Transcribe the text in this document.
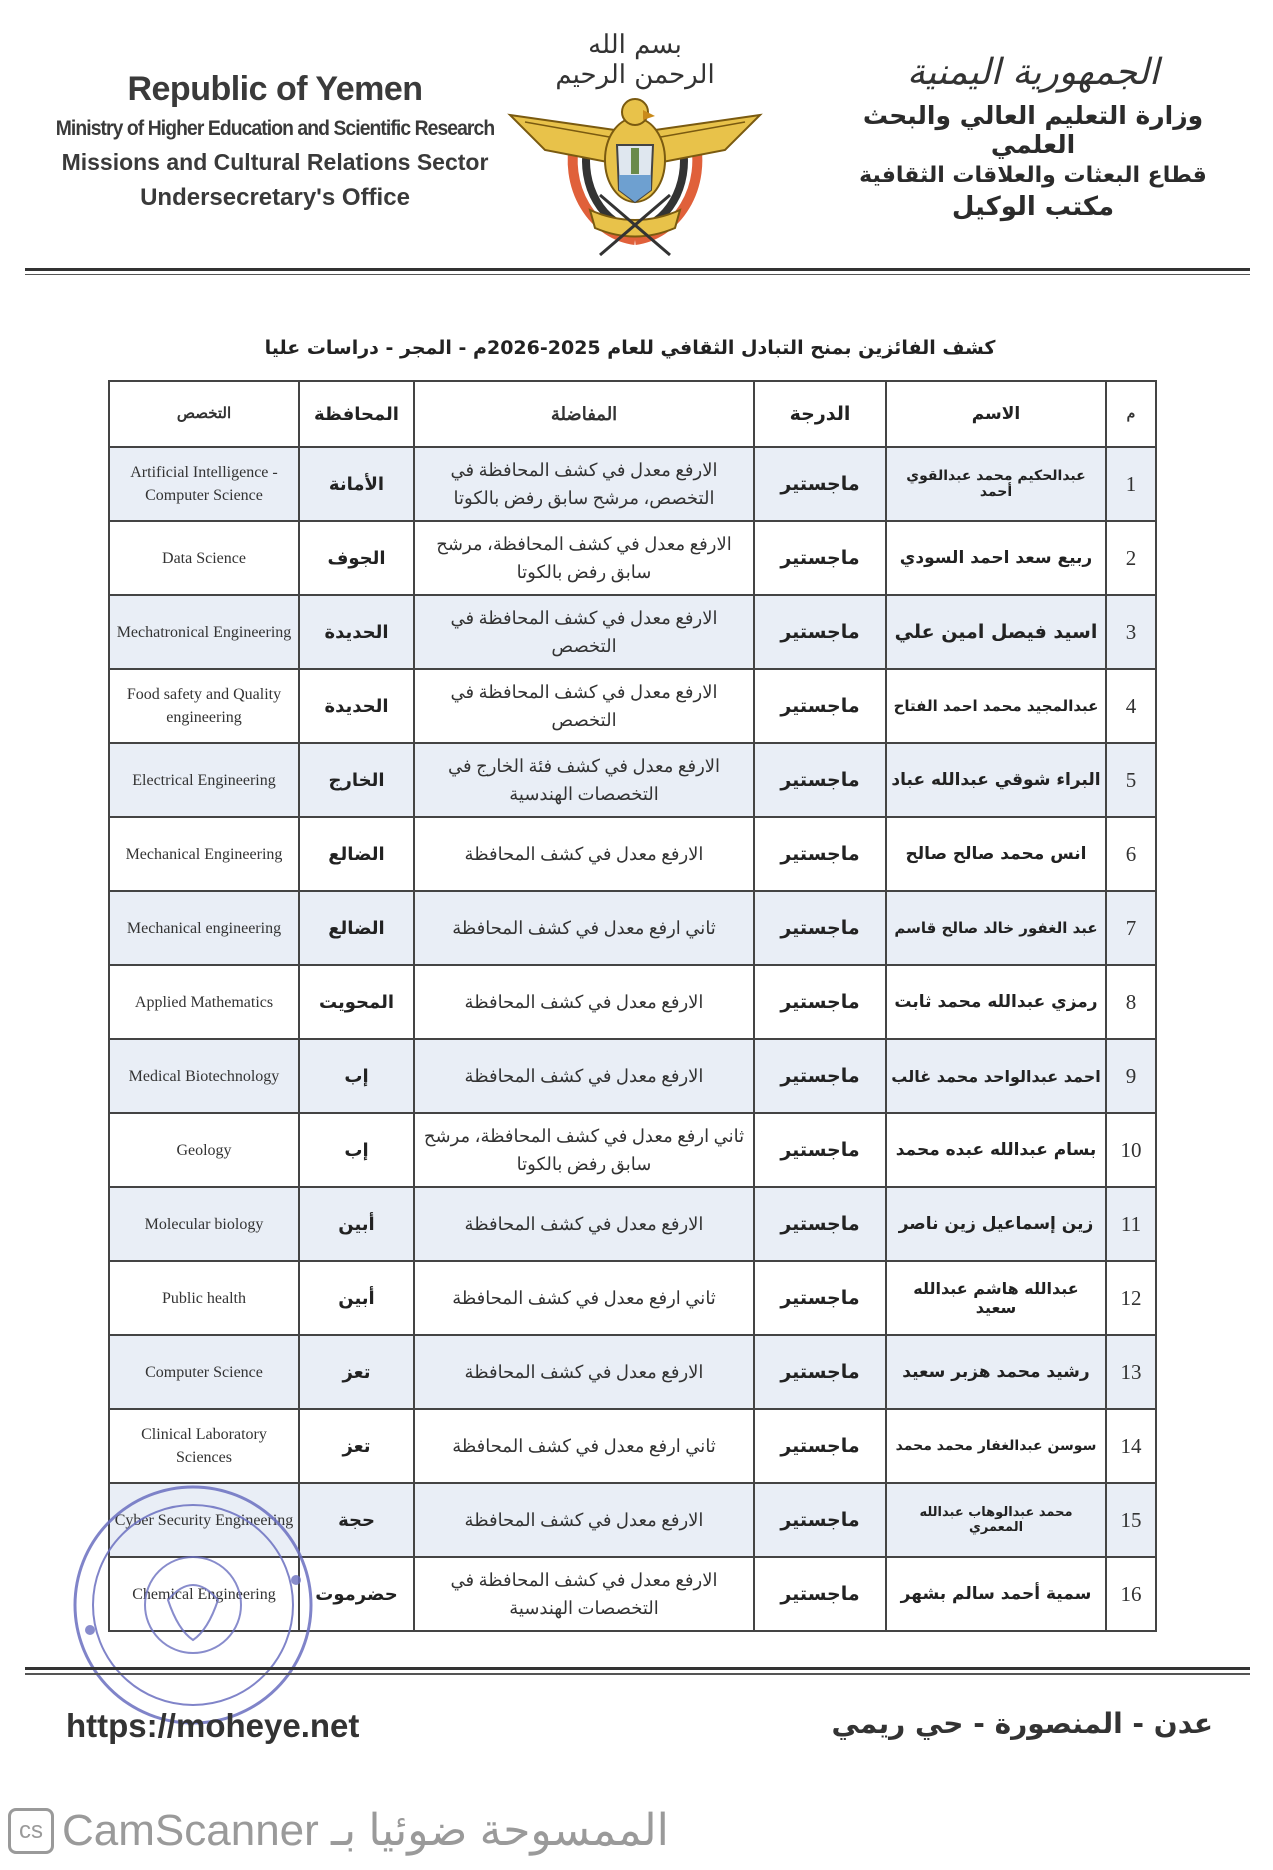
Republic of Yemen
Ministry of Higher Education and Scientific Research
Missions and Cultural Relations Sector
Undersecretary's Office
بسم الله الرحمن الرحيم	الجمهورية اليمنية
وزارة التعليم العالي والبحث العلمي
قطاع البعثات والعلاقات الثقافية
مكتب الوكيل
كشف الفائزين بمنح التبادل الثقافي للعام 2025-2026م - المجر - دراسات عليا
م	الاسم	الدرجة	المفاضلة	المحافظة	التخصص
1	عبدالحكيم محمد عبدالقوي أحمد	ماجستير	الارفع معدل في كشف المحافظة في التخصص، مرشح سابق رفض بالكوتا	الأمانة	Artificial Intelligence - Computer Science
2	ربيع سعد احمد السودي	ماجستير	الارفع معدل في كشف المحافظة، مرشح سابق رفض بالكوتا	الجوف	Data Science
3	اسيد فيصل امين علي	ماجستير	الارفع معدل في كشف المحافظة في التخصص	الحديدة	Mechatronical Engineering
4	عبدالمجيد محمد احمد الفتاح	ماجستير	الارفع معدل في كشف المحافظة في التخصص	الحديدة	Food safety and Quality engineering
5	البراء شوقي عبدالله عباد	ماجستير	الارفع معدل في كشف فئة الخارج في التخصصات الهندسية	الخارج	Electrical Engineering
6	انس محمد صالح صالح	ماجستير	الارفع معدل في كشف المحافظة	الضالع	Mechanical Engineering
7	عبد الغفور خالد صالح قاسم	ماجستير	ثاني ارفع معدل في كشف المحافظة	الضالع	Mechanical engineering
8	رمزي عبدالله محمد ثابت	ماجستير	الارفع معدل في كشف المحافظة	المحويت	Applied Mathematics
9	احمد عبدالواحد محمد غالب	ماجستير	الارفع معدل في كشف المحافظة	إب	Medical Biotechnology
10	بسام عبدالله عبده محمد	ماجستير	ثاني ارفع معدل في كشف المحافظة، مرشح سابق رفض بالكوتا	إب	Geology
11	زين إسماعيل زين ناصر	ماجستير	الارفع معدل في كشف المحافظة	أبين	Molecular biology
12	عبدالله هاشم عبدالله سعيد	ماجستير	ثاني ارفع معدل في كشف المحافظة	أبين	Public health
13	رشيد محمد هزبر سعيد	ماجستير	الارفع معدل في كشف المحافظة	تعز	Computer Science
14	سوسن عبدالغفار محمد محمد	ماجستير	ثاني ارفع معدل في كشف المحافظة	تعز	Clinical Laboratory Sciences
15	محمد عبدالوهاب عبدالله المعمري	ماجستير	الارفع معدل في كشف المحافظة	حجة	Cyber Security Engineering
16	سمية أحمد سالم بشهر	ماجستير	الارفع معدل في كشف المحافظة في التخصصات الهندسية	حضرموت	Chemical Engineering
https://moheye.net	عدن - المنصورة - حي ريمي
cs CamScanner الممسوحة ضوئيا بـ
